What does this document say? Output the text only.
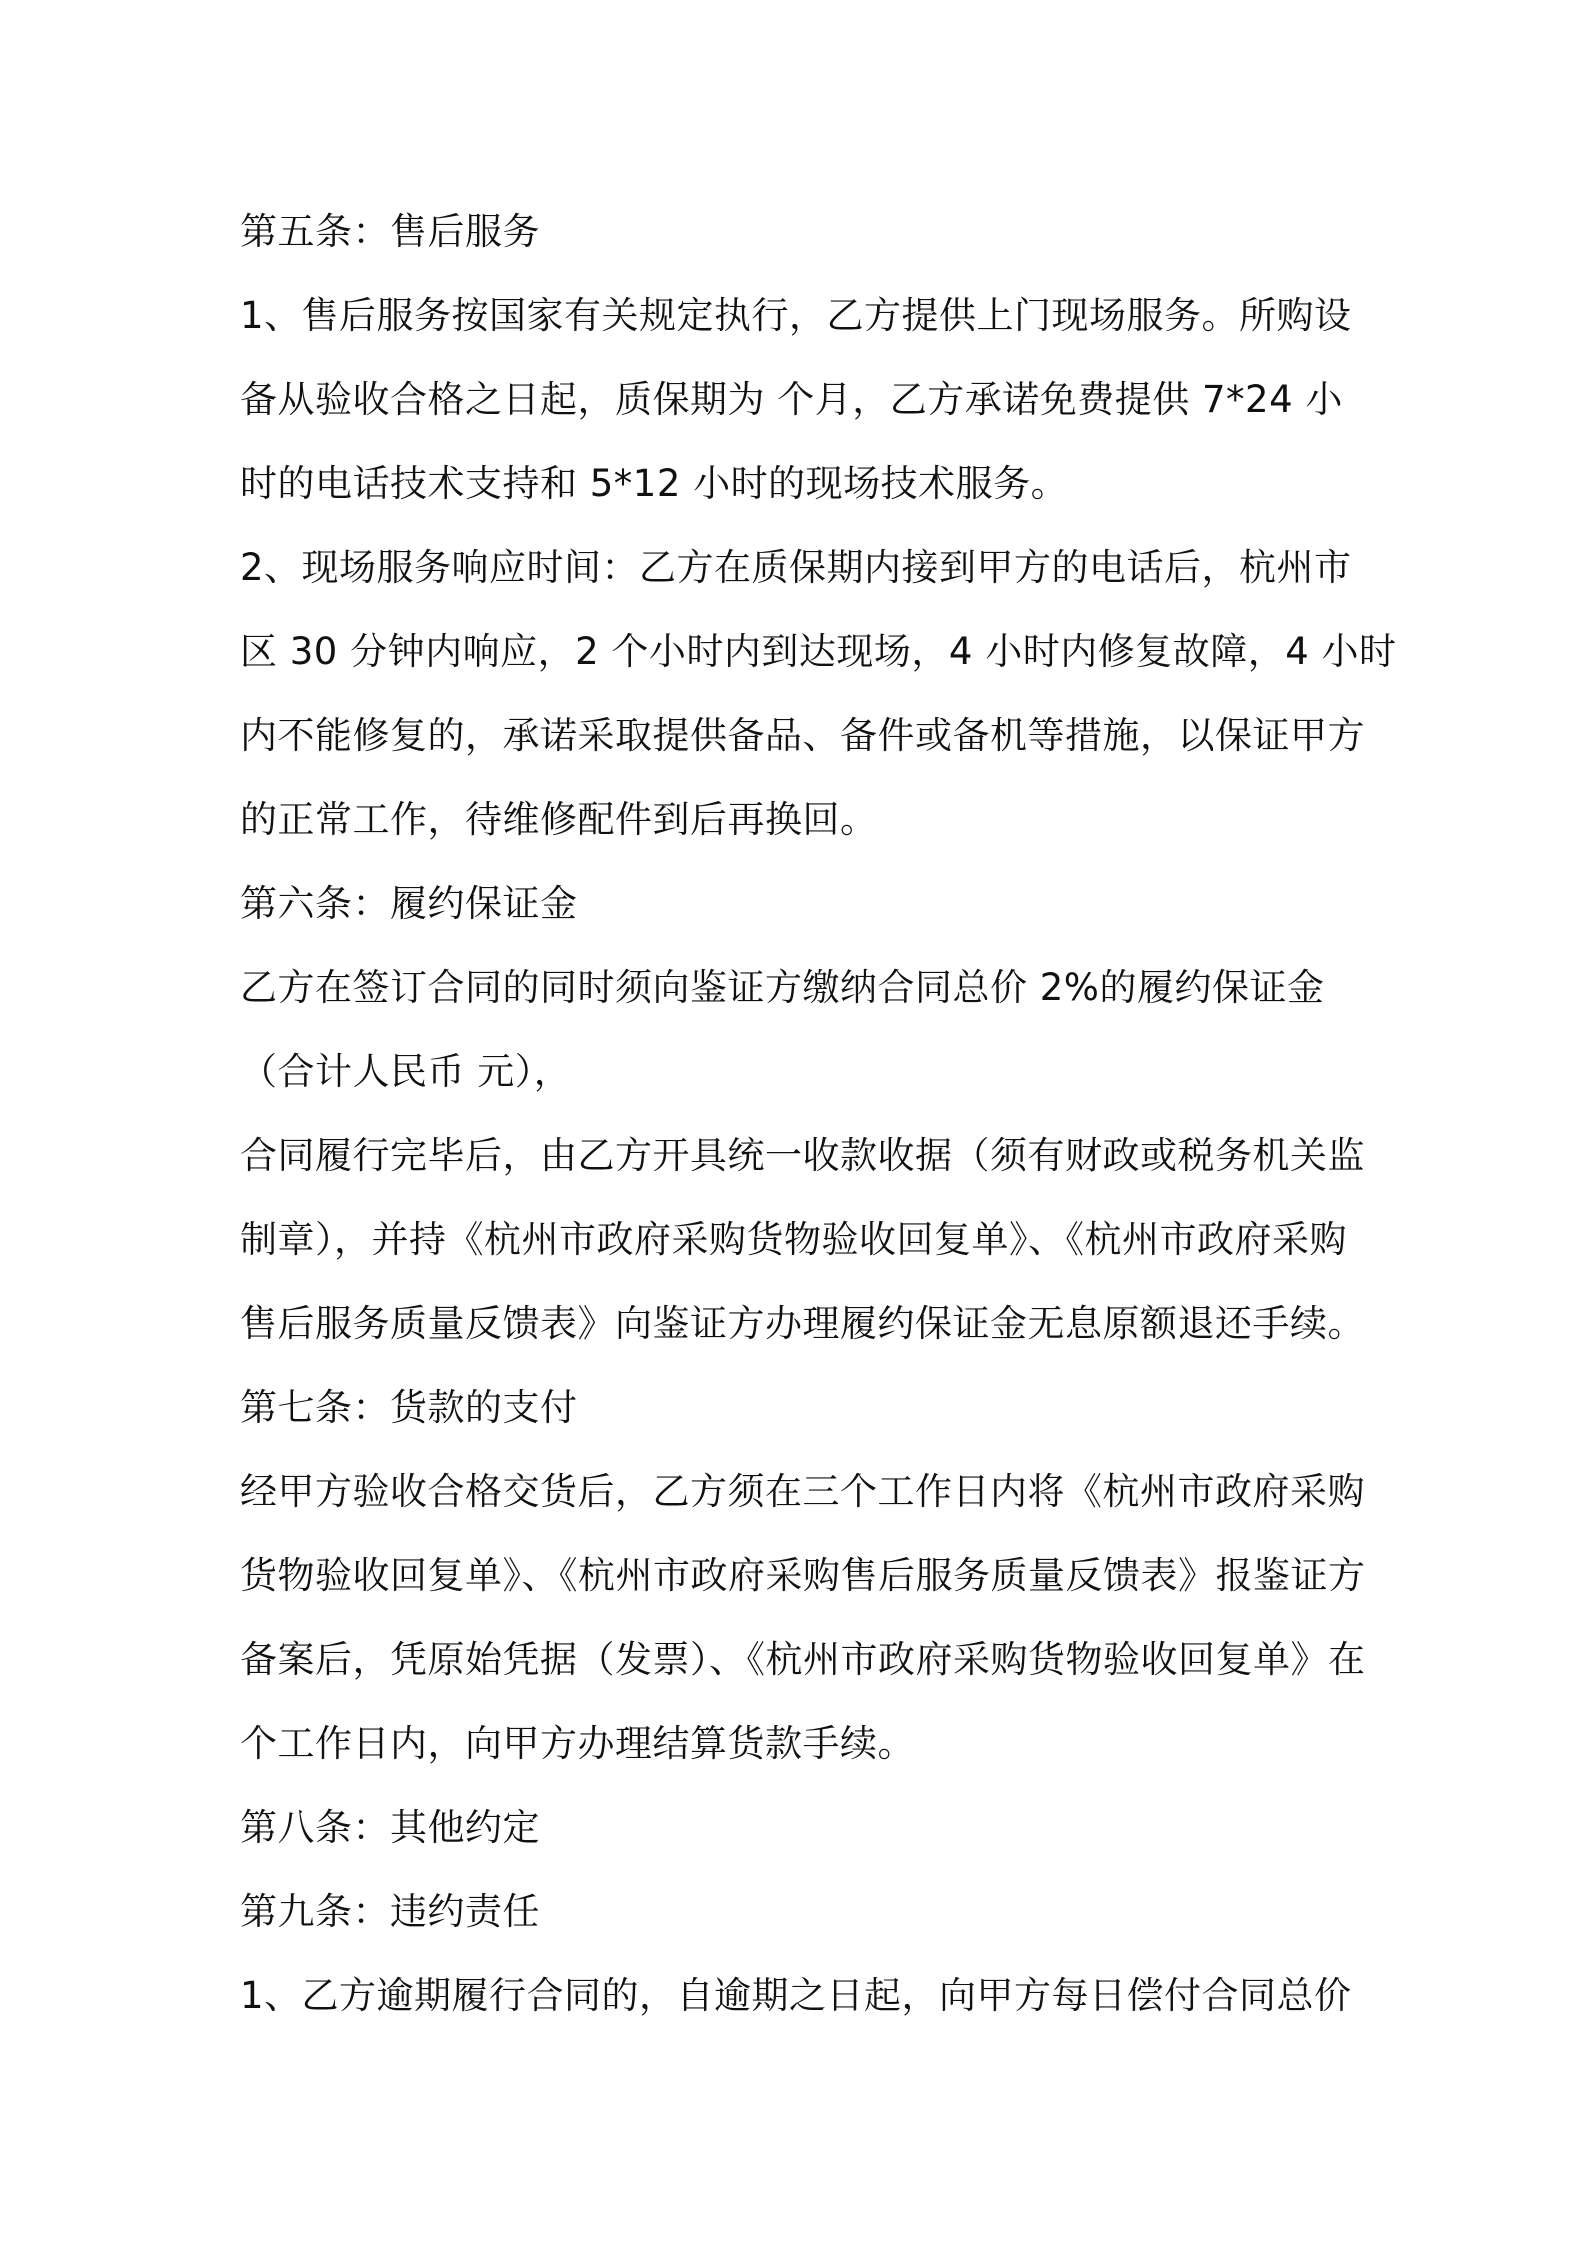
第五条：售后服务
1、售后服务按国家有关规定执行，乙方提供上门现场服务。所购设
备从验收合格之日起，质保期为 个月，乙方承诺免费提供 7*24 小
时的电话技术支持和 5*12 小时的现场技术服务。
2、现场服务响应时间：乙方在质保期内接到甲方的电话后，杭州市
区 30 分钟内响应，2 个小时内到达现场，4 小时内修复故障，4 小时
内不能修复的，承诺采取提供备品、备件或备机等措施，以保证甲方
的正常工作，待维修配件到后再换回。
第六条：履约保证金
乙方在签订合同的同时须向鉴证方缴纳合同总价 2%的履约保证金
（合计人民币 元），
合同履行完毕后，由乙方开具统一收款收据（须有财政或税务机关监
制章），并持《杭州市政府采购货物验收回复单》、《杭州市政府采购
售后服务质量反馈表》向鉴证方办理履约保证金无息原额退还手续。
第七条：货款的支付
经甲方验收合格交货后，乙方须在三个工作日内将《杭州市政府采购
货物验收回复单》、《杭州市政府采购售后服务质量反馈表》报鉴证方
备案后，凭原始凭据（发票）、《杭州市政府采购货物验收回复单》在
个工作日内，向甲方办理结算货款手续。
第八条：其他约定
第九条：违约责任
1、乙方逾期履行合同的，自逾期之日起，向甲方每日偿付合同总价
